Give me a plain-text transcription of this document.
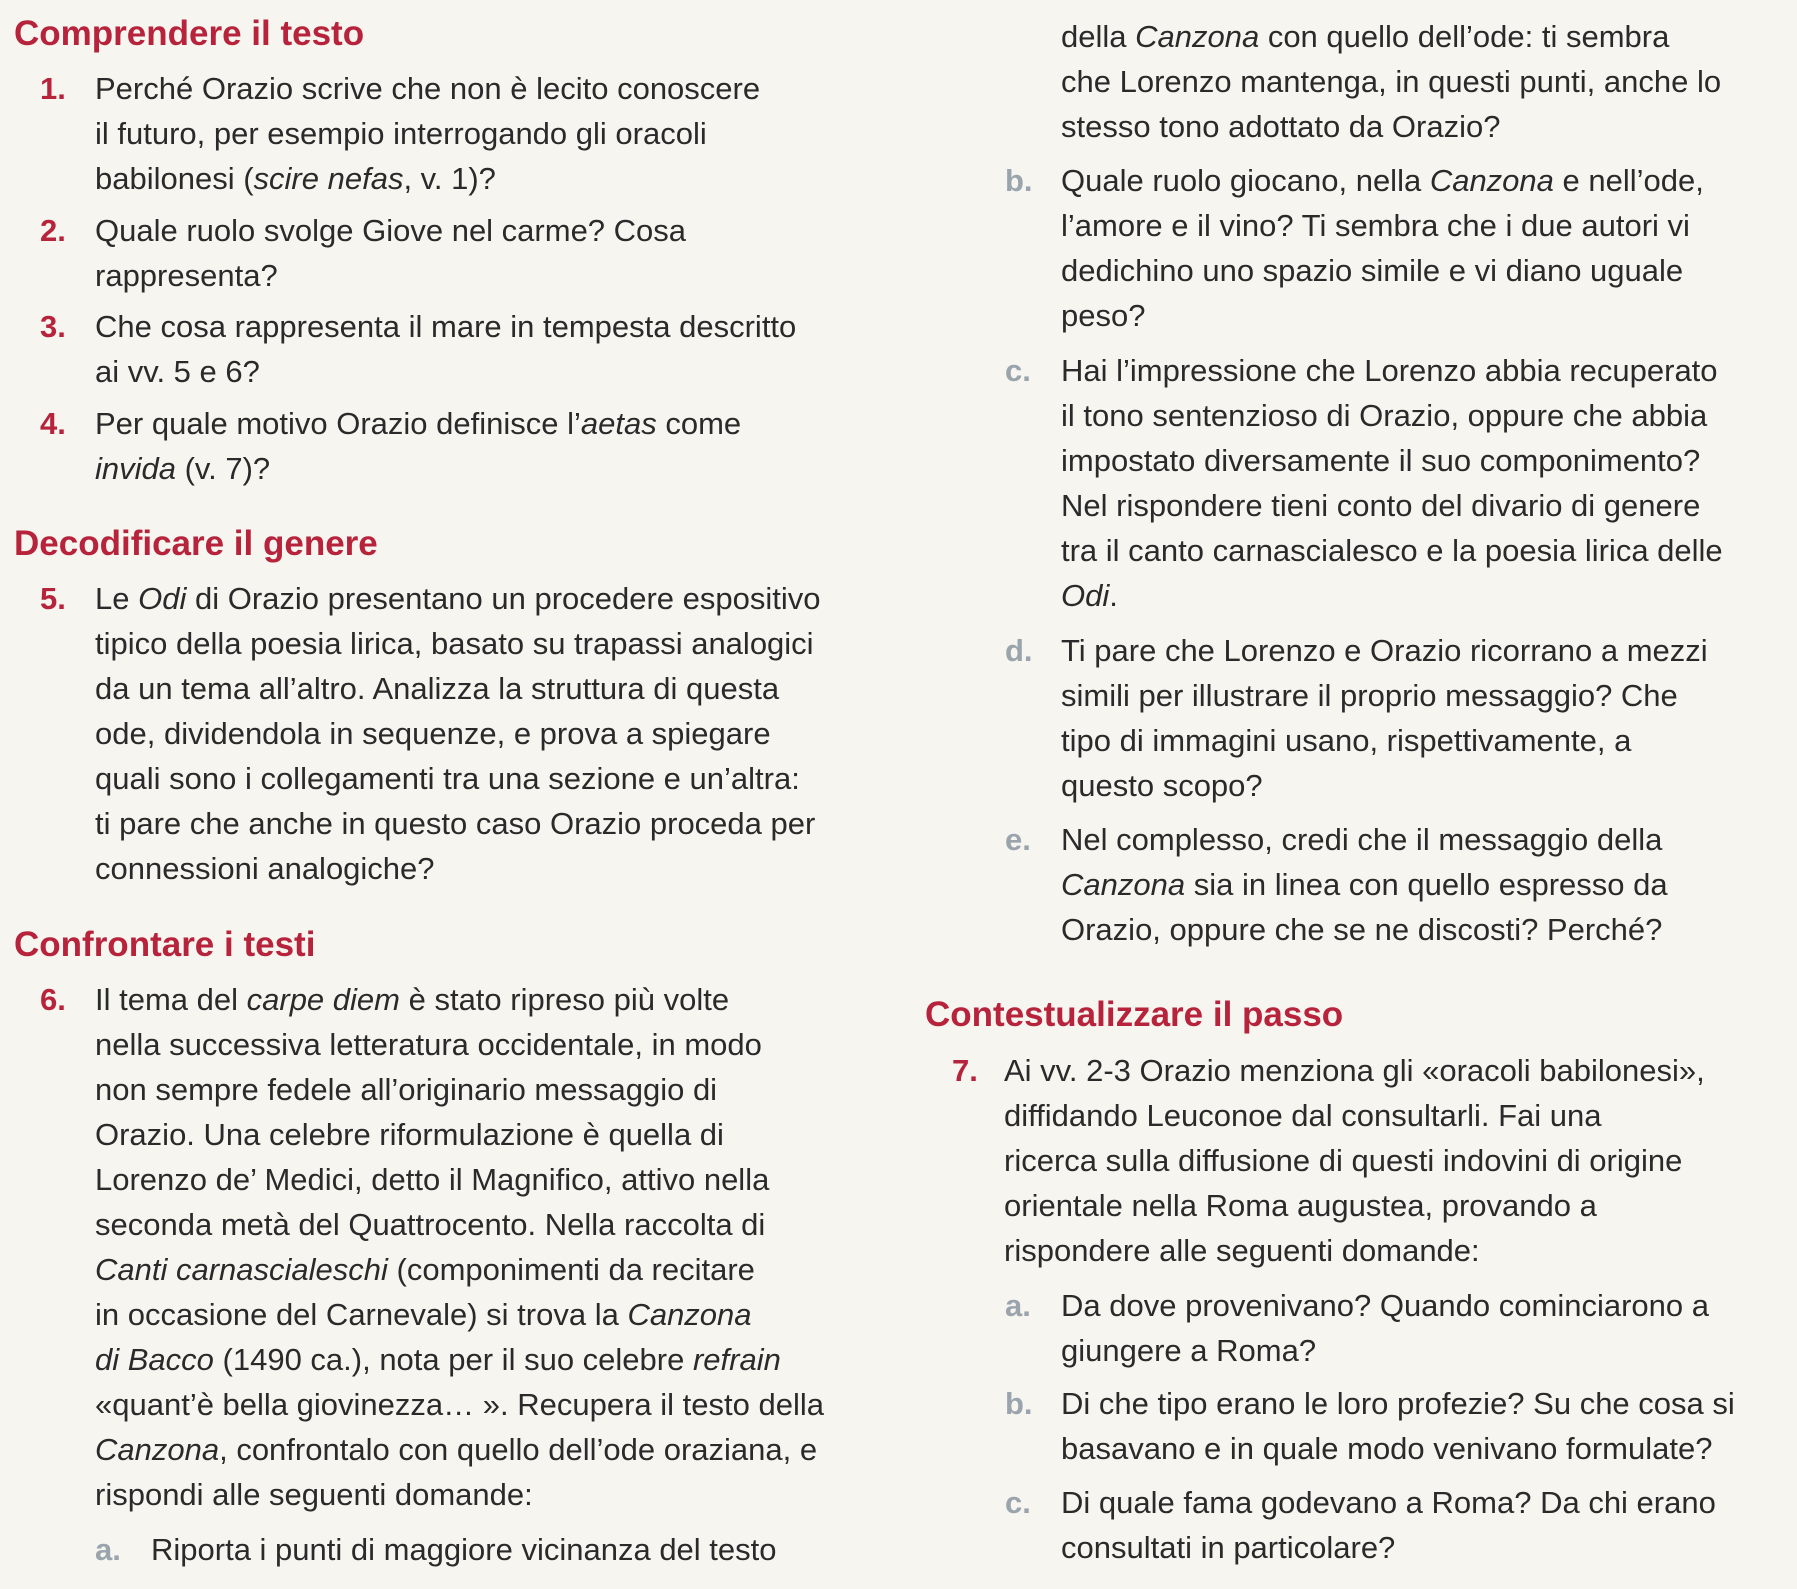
Comprendere il testo
1. Perché Orazio scrive che non è lecito conoscere
il futuro, per esempio interrogando gli oracoli
babilonesi (scire nefas, v. 1)?
2. Quale ruolo svolge Giove nel carme? Cosa
rappresenta?
3. Che cosa rappresenta il mare in tempesta descritto
ai vv. 5 e 6?
4. Per quale motivo Orazio definisce l’aetas come
invida (v. 7)?
Decodificare il genere
5. Le Odi di Orazio presentano un procedere espositivo
tipico della poesia lirica, basato su trapassi analogici
da un tema all’altro. Analizza la struttura di questa
ode, dividendola in sequenze, e prova a spiegare
quali sono i collegamenti tra una sezione e un’altra:
ti pare che anche in questo caso Orazio proceda per
connessioni analogiche?
Confrontare i testi
6. Il tema del carpe diem è stato ripreso più volte
nella successiva letteratura occidentale, in modo
non sempre fedele all’originario messaggio di
Orazio. Una celebre riformulazione è quella di
Lorenzo de’ Medici, detto il Magnifico, attivo nella
seconda metà del Quattrocento. Nella raccolta di
Canti carnascialeschi (componimenti da recitare
in occasione del Carnevale) si trova la Canzona
di Bacco (1490 ca.), nota per il suo celebre refrain
«quant’è bella giovinezza… ». Recupera il testo della
Canzona, confrontalo con quello dell’ode oraziana, e
rispondi alle seguenti domande:
a. Riporta i punti di maggiore vicinanza del testo
della Canzona con quello dell’ode: ti sembra
che Lorenzo mantenga, in questi punti, anche lo
stesso tono adottato da Orazio?
b. Quale ruolo giocano, nella Canzona e nell’ode,
l’amore e il vino? Ti sembra che i due autori vi
dedichino uno spazio simile e vi diano uguale
peso?
c. Hai l’impressione che Lorenzo abbia recuperato
il tono sentenzioso di Orazio, oppure che abbia
impostato diversamente il suo componimento?
Nel rispondere tieni conto del divario di genere
tra il canto carnascialesco e la poesia lirica delle
Odi.
d. Ti pare che Lorenzo e Orazio ricorrano a mezzi
simili per illustrare il proprio messaggio? Che
tipo di immagini usano, rispettivamente, a
questo scopo?
e. Nel complesso, credi che il messaggio della
Canzona sia in linea con quello espresso da
Orazio, oppure che se ne discosti? Perché?
Contestualizzare il passo
7. Ai vv. 2-3 Orazio menziona gli «oracoli babilonesi»,
diffidando Leuconoe dal consultarli. Fai una
ricerca sulla diffusione di questi indovini di origine
orientale nella Roma augustea, provando a
rispondere alle seguenti domande:
a. Da dove provenivano? Quando cominciarono a
giungere a Roma?
b. Di che tipo erano le loro profezie? Su che cosa si
basavano e in quale modo venivano formulate?
c. Di quale fama godevano a Roma? Da chi erano
consultati in particolare?
